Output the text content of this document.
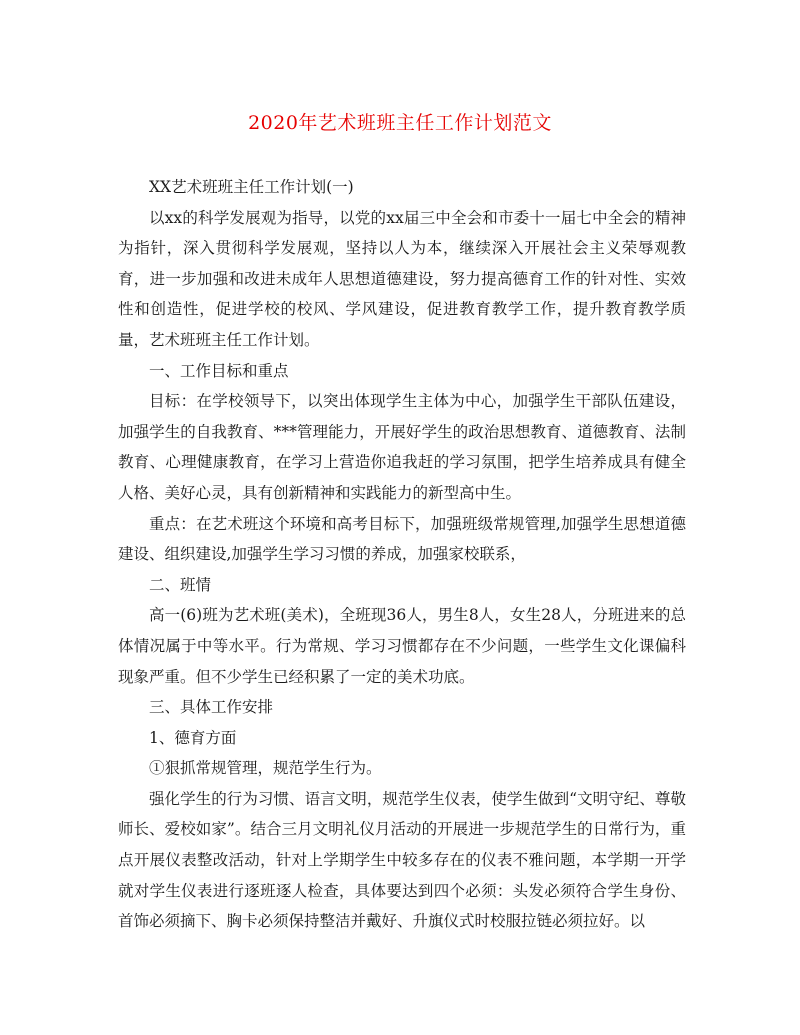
2020年艺术班班主任工作计划范文

XX艺术班班主任工作计划(一)

以xx的科学发展观为指导，以党的xx届三中全会和市委十一届七中全会的精神为指针，深入贯彻科学发展观，坚持以人为本，继续深入开展社会主义荣辱观教育，进一步加强和改进未成年人思想道德建设，努力提高德育工作的针对性、实效性和创造性，促进学校的校风、学风建设，促进教育教学工作，提升教育教学质量，艺术班班主任工作计划。

一、工作目标和重点

目标：在学校领导下，以突出体现学生主体为中心，加强学生干部队伍建设，加强学生的自我教育、***管理能力，开展好学生的政治思想教育、道德教育、法制教育、心理健康教育，在学习上营造你追我赶的学习氛围，把学生培养成具有健全人格、美好心灵，具有创新精神和实践能力的新型高中生。

重点：在艺术班这个环境和高考目标下，加强班级常规管理,加强学生思想道德建设、组织建设,加强学生学习习惯的养成，加强家校联系，

二、班情

高一(6)班为艺术班(美术)，全班现36人，男生8人，女生28人，分班进来的总体情况属于中等水平。行为常规、学习习惯都存在不少问题，一些学生文化课偏科现象严重。但不少学生已经积累了一定的美术功底。

三、具体工作安排

1、德育方面

①狠抓常规管理，规范学生行为。

强化学生的行为习惯、语言文明，规范学生仪表，使学生做到“文明守纪、尊敬师长、爱校如家”。结合三月文明礼仪月活动的开展进一步规范学生的日常行为，重点开展仪表整改活动，针对上学期学生中较多存在的仪表不雅问题，本学期一开学就对学生仪表进行逐班逐人检查，具体要达到四个必须：头发必须符合学生身份、首饰必须摘下、胸卡必须保持整洁并戴好、升旗仪式时校服拉链必须拉好。以
